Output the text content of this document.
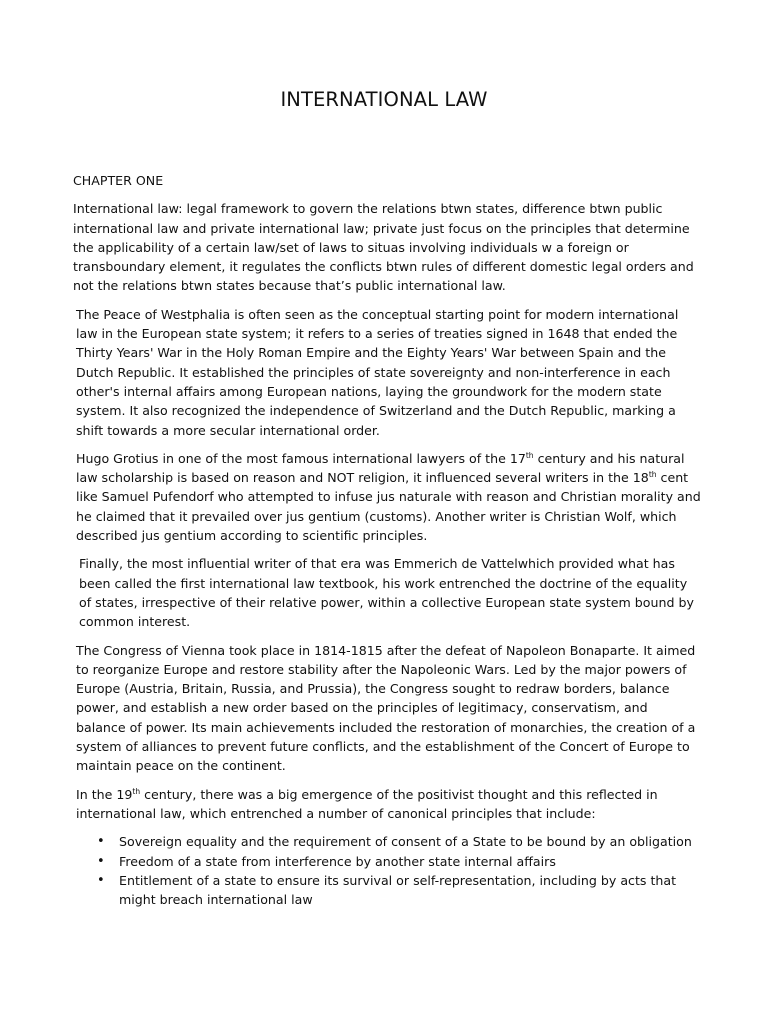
INTERNATIONAL LAW

CHAPTER ONE

International law: legal framework to govern the relations btwn states, difference btwn public international law and private international law; private just focus on the principles that determine the applicability of a certain law/set of laws to situas involving individuals w a foreign or transboundary element, it regulates the conflicts btwn rules of different domestic legal orders and not the relations btwn states because that’s public international law.

The Peace of Westphalia is often seen as the conceptual starting point for modern international law in the European state system; it refers to a series of treaties signed in 1648 that ended the Thirty Years' War in the Holy Roman Empire and the Eighty Years' War between Spain and the Dutch Republic. It established the principles of state sovereignty and non-interference in each other's internal affairs among European nations, laying the groundwork for the modern state system. It also recognized the independence of Switzerland and the Dutch Republic, marking a shift towards a more secular international order.

Hugo Grotius in one of the most famous international lawyers of the 17th century and his natural law scholarship is based on reason and NOT religion, it influenced several writers in the 18th cent like Samuel Pufendorf who attempted to infuse jus naturale with reason and Christian morality and he claimed that it prevailed over jus gentium (customs). Another writer is Christian Wolf, which described jus gentium according to scientific principles.

Finally, the most influential writer of that era was Emmerich de Vattelwhich provided what has been called the first international law textbook, his work entrenched the doctrine of the equality of states, irrespective of their relative power, within a collective European state system bound by common interest.

The Congress of Vienna took place in 1814-1815 after the defeat of Napoleon Bonaparte. It aimed to reorganize Europe and restore stability after the Napoleonic Wars. Led by the major powers of Europe (Austria, Britain, Russia, and Prussia), the Congress sought to redraw borders, balance power, and establish a new order based on the principles of legitimacy, conservatism, and balance of power. Its main achievements included the restoration of monarchies, the creation of a system of alliances to prevent future conflicts, and the establishment of the Concert of Europe to maintain peace on the continent.

In the 19th century, there was a big emergence of the positivist thought and this reflected in international law, which entrenched a number of canonical principles that include:

• Sovereign equality and the requirement of consent of a State to be bound by an obligation
• Freedom of a state from interference by another state internal affairs
• Entitlement of a state to ensure its survival or self-representation, including by acts that might breach international law
